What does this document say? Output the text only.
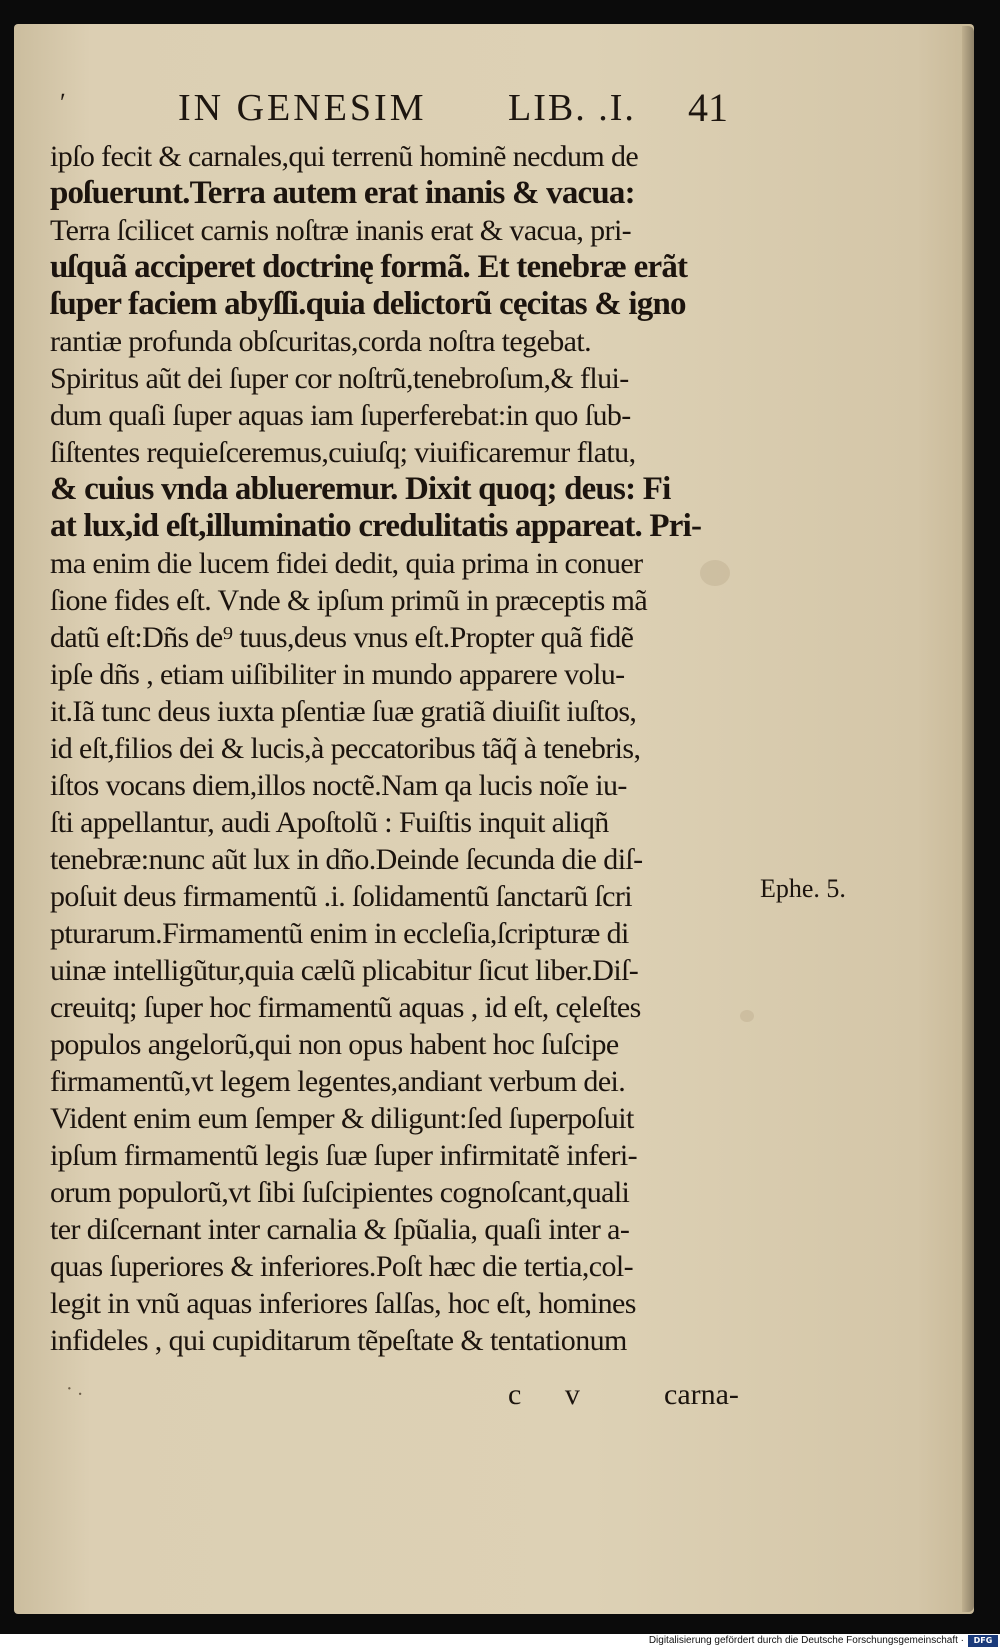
ʹ	IN GENESIM LIB. .I. 41
ipſo fecit & carnales,qui terrenũ hominẽ necdum de
poſuerunt.Terra autem erat inanis & vacua:
Terra ſcilicet carnis noſtræ inanis erat & vacua, pri-
uſquã acciperet doctrinę formã. Et tenebræ erãt
ſuper faciem abyſſi.quia delictorũ cęcitas & igno
rantiæ profunda obſcuritas,corda noſtra tegebat.
Spiritus aũt dei ſuper cor noſtrũ,tenebroſum,& flui-
dum quaſi ſuper aquas iam ſuperferebat:in quo ſub-
ſiſtentes requieſceremus,cuiuſq; viuificaremur flatu,
& cuius vnda ablueremur. Dixit quoq; deus: Fi
at lux,id eſt,illuminatio credulitatis appareat. Pri-
ma enim die lucem fidei dedit, quia prima in conuer
ſione fides eſt. Vnde & ipſum primũ in præceptis mã
datũ eſt:Dñs de⁹ tuus,deus vnus eſt.Propter quã fidẽ
ipſe dñs , etiam uiſibiliter in mundo apparere volu-
it.Iã tunc deus iuxta pſentiæ ſuæ gratiã diuiſit iuſtos,
id eſt,filios dei & lucis,à peccatoribus tãq̃ à tenebris,
iſtos vocans diem,illos noctẽ.Nam qa lucis noĩe iu-
ſti appellantur, audi Apoſtolũ : Fuiſtis inquit aliqñ
tenebræ:nunc aũt lux in dño.Deinde ſecunda die diſ-
poſuit deus firmamentũ .i. ſolidamentũ ſanctarũ ſcri
pturarum.Firmamentũ enim in eccleſia,ſcripturæ di
uinæ intelligũtur,quia cælũ plicabitur ſicut liber.Diſ-
creuitq; ſuper hoc firmamentũ aquas , id eſt, cęleſtes
populos angelorũ,qui non opus habent hoc ſuſcipe
firmamentũ,vt legem legentes,andiant verbum dei.
Vident enim eum ſemper & diligunt:ſed ſuperpoſuit
ipſum firmamentũ legis ſuæ ſuper infirmitatẽ inferi-
orum populorũ,vt ſibi ſuſcipientes cognoſcant,quali
ter diſcernant inter carnalia & ſpũalia, quaſi inter a-
quas ſuperiores & inferiores.Poſt hæc die tertia,col-
legit in vnũ aquas inferiores ſalſas, hoc eſt, homines
infideles , qui cupiditarum tẽpeſtate & tentationum
Ephe. 5.
· .	c v carna-
Digitalisierung gefördert durch die Deutsche Forschungsgemeinschaft ·	DFG
